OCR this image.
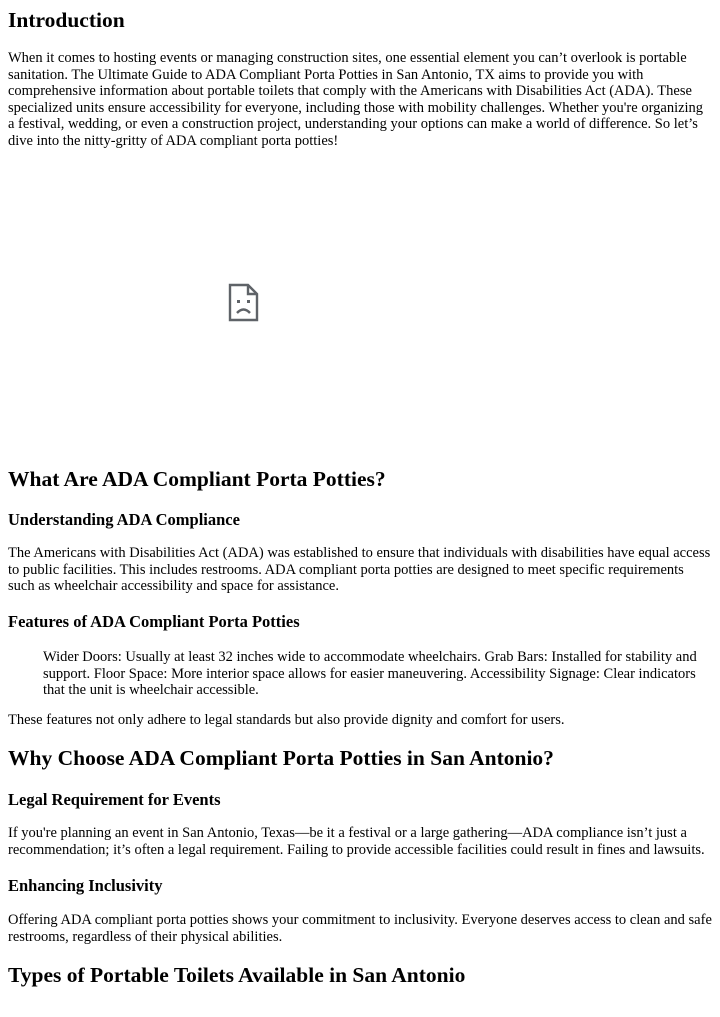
Introduction

When it comes to hosting events or managing construction sites, one essential element you can’t overlook is portable sanitation. The Ultimate Guide to ADA Compliant Porta Potties in San Antonio, TX aims to provide you with comprehensive information about portable toilets that comply with the Americans with Disabilities Act (ADA). These specialized units ensure accessibility for everyone, including those with mobility challenges. Whether you're organizing a festival, wedding, or even a construction project, understanding your options can make a world of difference. So let’s dive into the nitty-gritty of ADA compliant porta potties!

What Are ADA Compliant Porta Potties?
Understanding ADA Compliance

The Americans with Disabilities Act (ADA) was established to ensure that individuals with disabilities have equal access to public facilities. This includes restrooms. ADA compliant porta potties are designed to meet specific requirements such as wheelchair accessibility and space for assistance.

Features of ADA Compliant Porta Potties

Wider Doors: Usually at least 32 inches wide to accommodate wheelchairs. Grab Bars: Installed for stability and support. Floor Space: More interior space allows for easier maneuvering. Accessibility Signage: Clear indicators that the unit is wheelchair accessible.

These features not only adhere to legal standards but also provide dignity and comfort for users.

Why Choose ADA Compliant Porta Potties in San Antonio?
Legal Requirement for Events

If you're planning an event in San Antonio, Texas—be it a festival or a large gathering—ADA compliance isn’t just a recommendation; it’s often a legal requirement. Failing to provide accessible facilities could result in fines and lawsuits.

Enhancing Inclusivity

Offering ADA compliant porta potties shows your commitment to inclusivity. Everyone deserves access to clean and safe restrooms, regardless of their physical abilities.

Types of Portable Toilets Available in San Antonio
